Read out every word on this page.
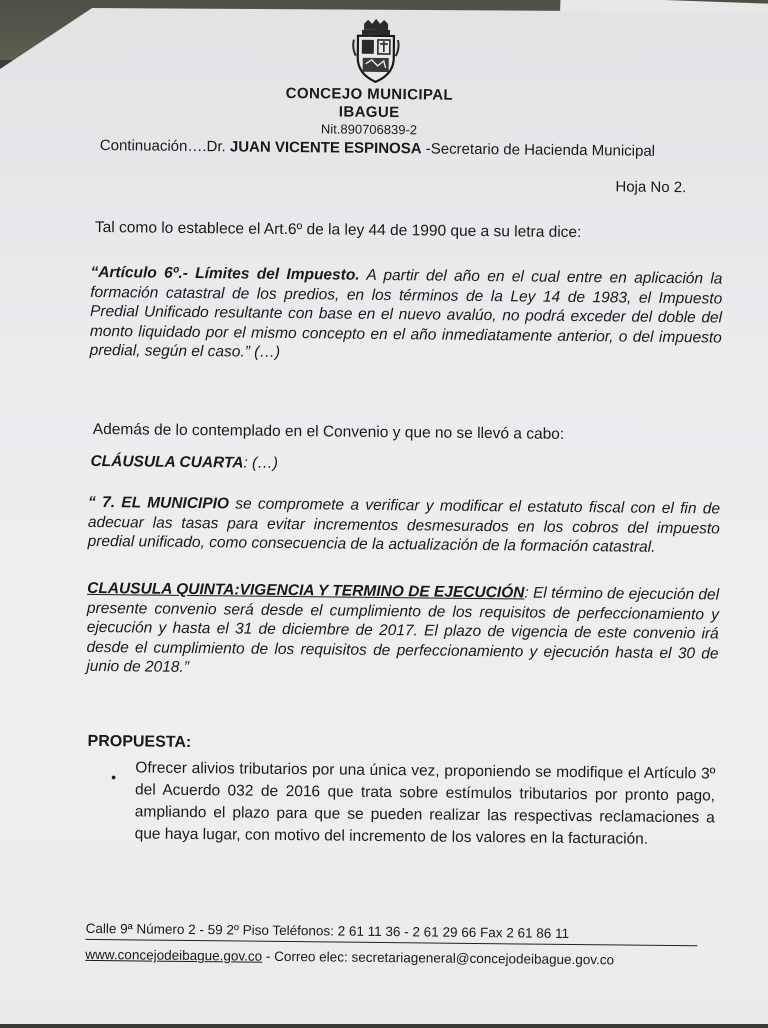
CONCEJO MUNICIPAL
IBAGUE
Nit.890706839-2
Continuación….Dr. JUAN VICENTE ESPINOSA -Secretario de Hacienda Municipal
Hoja No 2.
Tal como lo establece el Art.6º de la ley 44 de 1990 que a su letra dice:
“Artículo 6º.- Límites del Impuesto. A partir del año en el cual entre en aplicación la formación catastral de los predios, en los términos de la Ley 14 de 1983, el Impuesto Predial Unificado resultante con base en el nuevo avalúo, no podrá exceder del doble del monto liquidado por el mismo concepto en el año inmediatamente anterior, o del impuesto predial, según el caso.” (…)
Además de lo contemplado en el Convenio y que no se llevó a cabo:
CLÁUSULA CUARTA: (…)
“ 7. EL MUNICIPIO se compromete a verificar y modificar el estatuto fiscal con el fin de adecuar las tasas para evitar incrementos desmesurados en los cobros del impuesto predial unificado, como consecuencia de la actualización de la formación catastral.
CLAUSULA QUINTA:VIGENCIA Y TERMINO DE EJECUCIÓN: El término de ejecución del presente convenio será desde el cumplimiento de los requisitos de perfeccionamiento y ejecución y hasta el 31 de diciembre de 2017. El plazo de vigencia de este convenio irá desde el cumplimiento de los requisitos de perfeccionamiento y ejecución hasta el 30 de junio de 2018.”
PROPUESTA:
• Ofrecer alivios tributarios por una única vez, proponiendo se modifique el Artículo 3º del Acuerdo 032 de 2016 que trata sobre estímulos tributarios por pronto pago, ampliando el plazo para que se pueden realizar las respectivas reclamaciones a que haya lugar, con motivo del incremento de los valores en la facturación.
Calle 9ª Número 2 - 59 2º Piso Teléfonos: 2 61 11 36 - 2 61 29 66 Fax 2 61 86 11
www.concejodeibague.gov.co - Correo elec: secretariageneral@concejodeibague.gov.co
